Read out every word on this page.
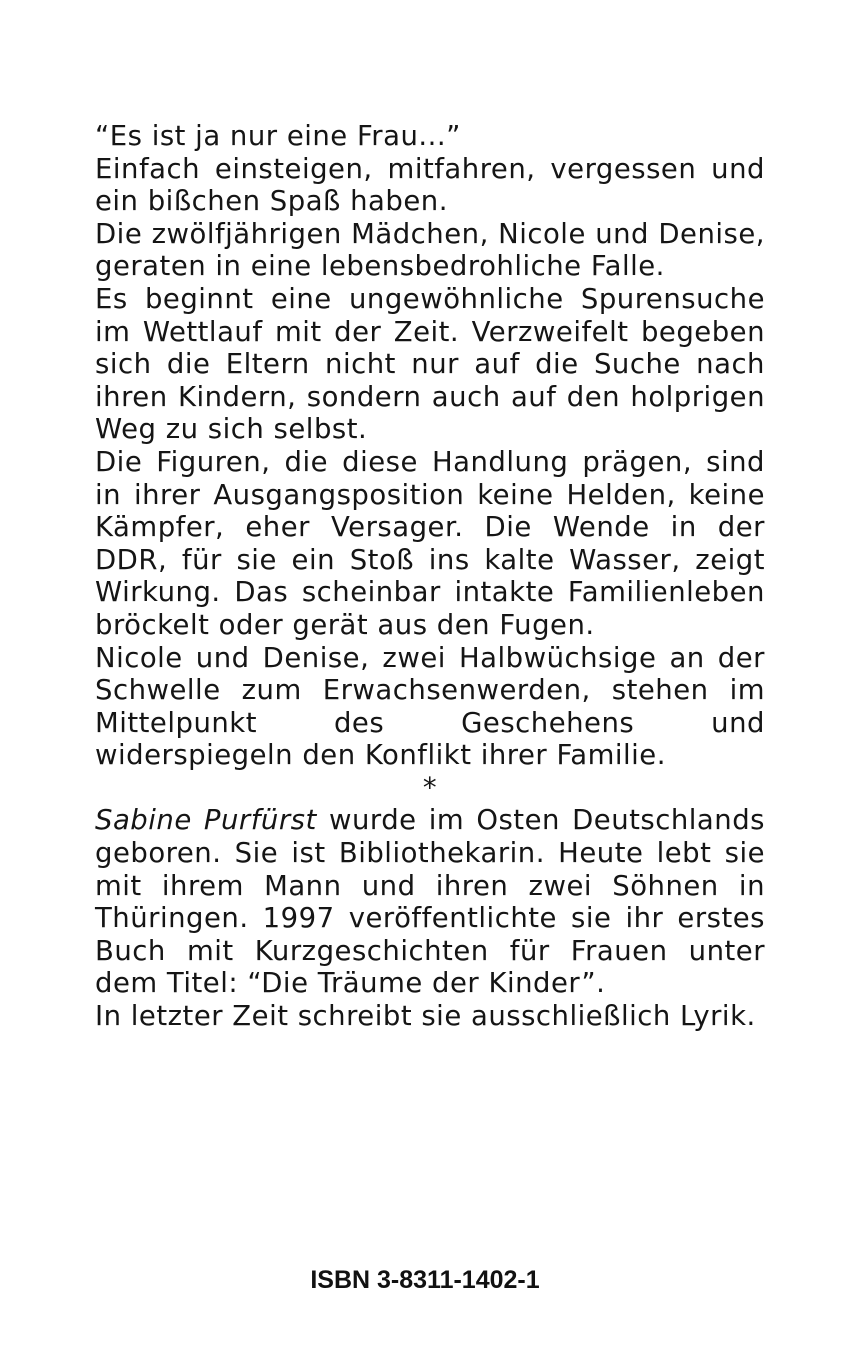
“Es ist ja nur eine Frau...”

Einfach einsteigen, mitfahren, vergessen und ein bißchen Spaß haben.

Die zwölfjährigen Mädchen, Nicole und Denise, geraten in eine lebensbedrohliche Falle.

Es beginnt eine ungewöhnliche Spurensuche im Wettlauf mit der Zeit. Verzweifelt begeben sich die Eltern nicht nur auf die Suche nach ihren Kindern, sondern auch auf den holprigen Weg zu sich selbst.

Die Figuren, die diese Handlung prägen, sind in ihrer Ausgangsposition keine Helden, keine Kämpfer, eher Versager. Die Wende in der DDR, für sie ein Stoß ins kalte Wasser, zeigt Wirkung. Das scheinbar intakte Familienleben bröckelt oder gerät aus den Fugen.

Nicole und Denise, zwei Halbwüchsige an der Schwelle zum Erwachsenwerden, stehen im Mittelpunkt des Geschehens und widerspiegeln den Konflikt ihrer Familie.

*

Sabine Purfürst wurde im Osten Deutschlands geboren. Sie ist Bibliothekarin. Heute lebt sie mit ihrem Mann und ihren zwei Söhnen in Thüringen. 1997 veröffentlichte sie ihr erstes Buch mit Kurzgeschichten für Frauen unter dem Titel: “Die Träume der Kinder”.

In letzter Zeit schreibt sie ausschließlich Lyrik.

ISBN 3-8311-1402-1
